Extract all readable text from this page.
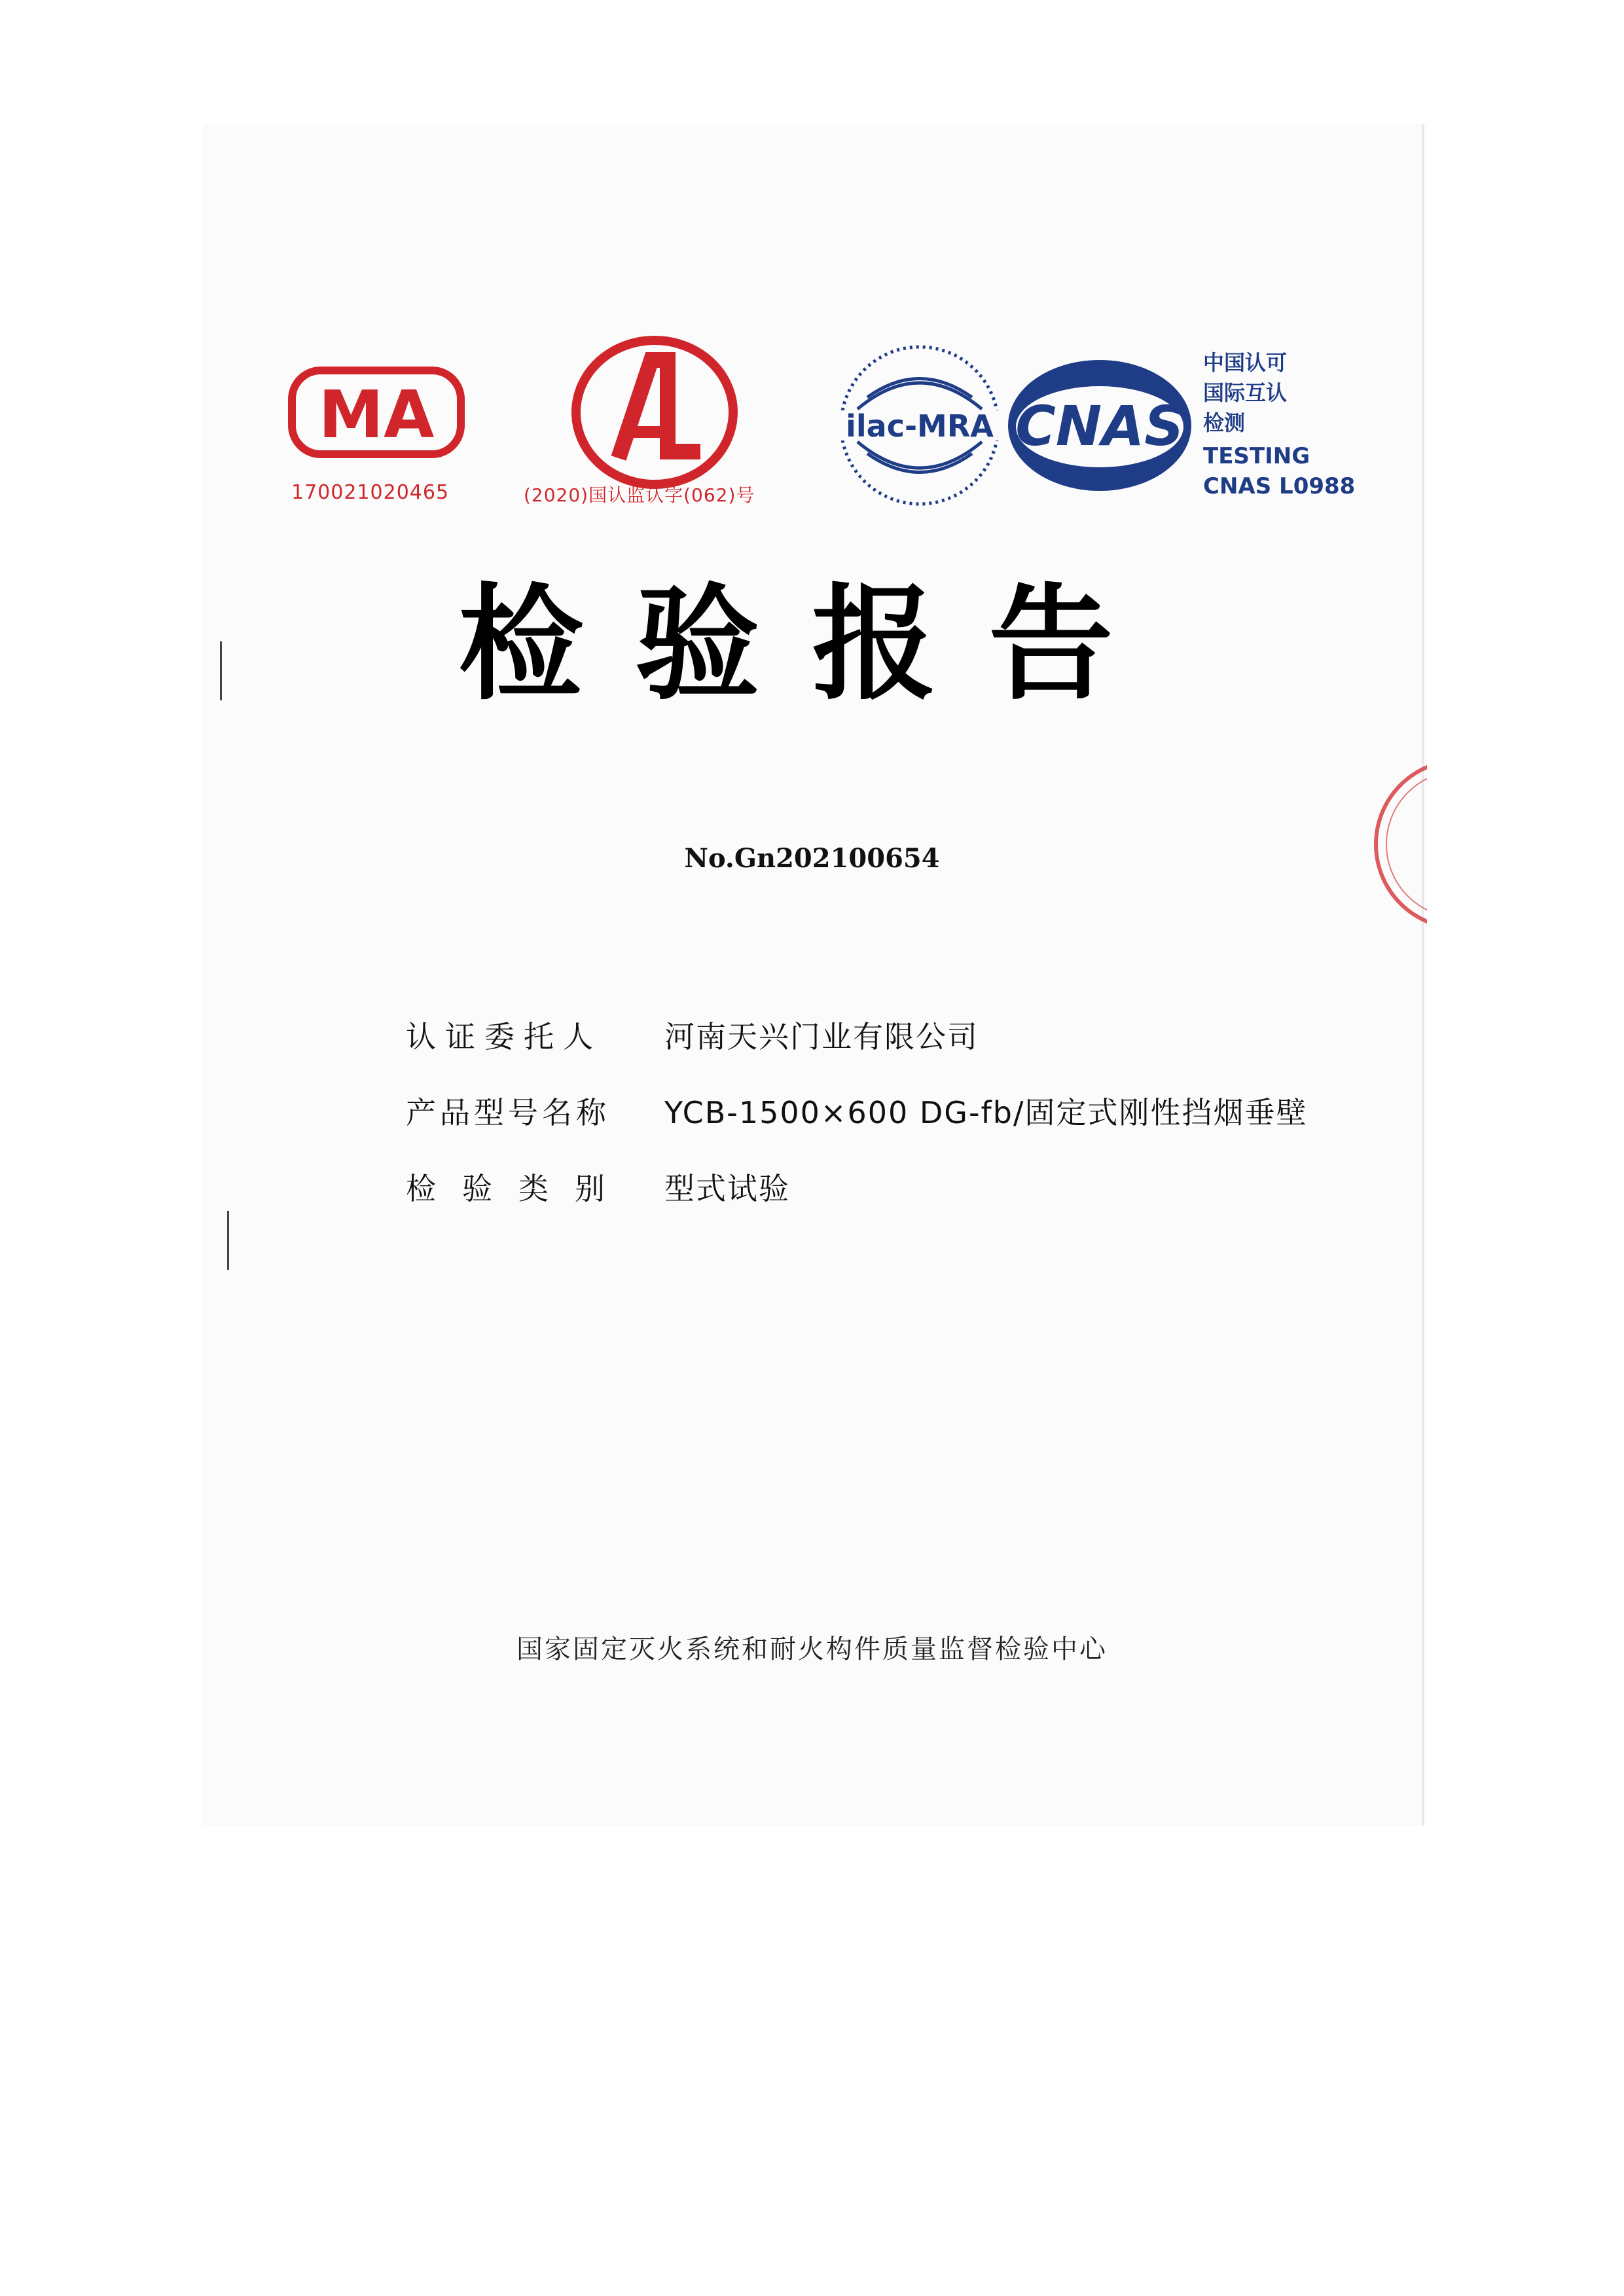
MA
170021020465	(2020)国认监认字(062)号
ilac-MRA CNAS
中国认可
国际互认
检测
TESTING
CNAS L0988
检验报告
No.Gn202100654
认证委托人 河南天兴门业有限公司
产品型号名称 YCB-1500×600 DG-fb/固定式刚性挡烟垂壁
检验类别 型式试验
国家固定灭火系统和耐火构件质量监督检验中心
